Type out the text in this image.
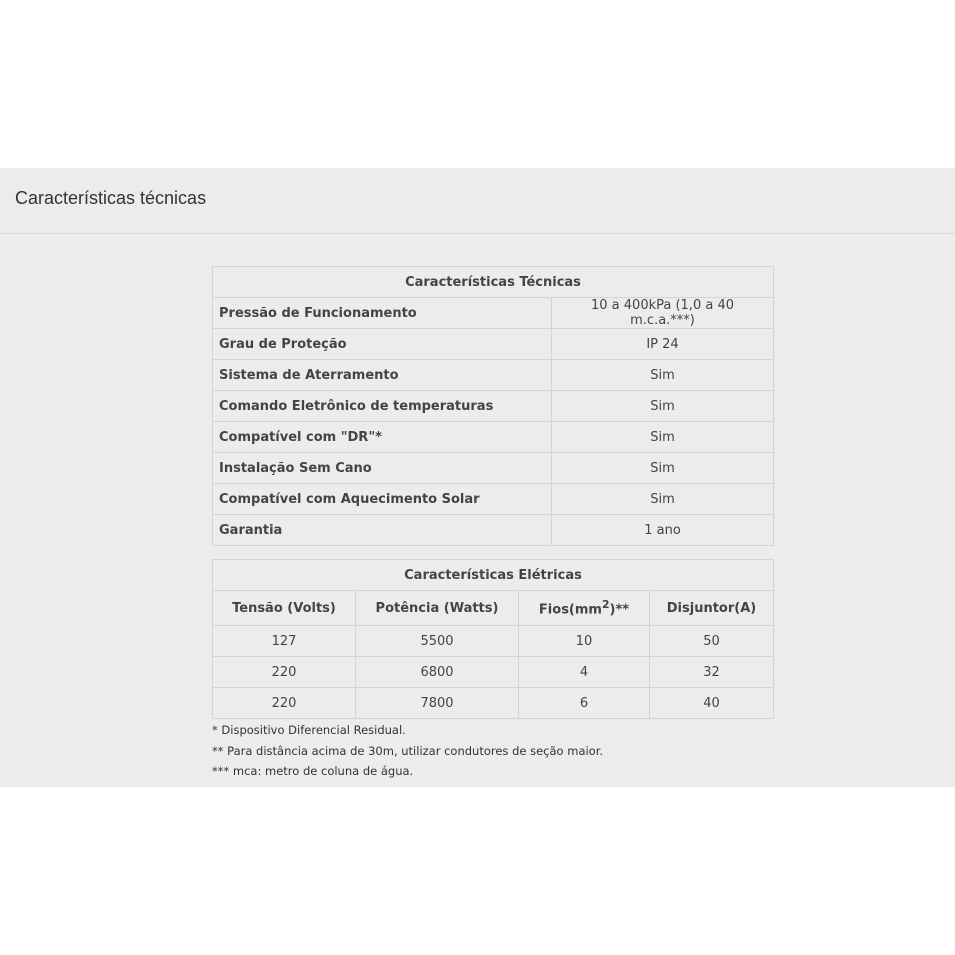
Características técnicas
Características Técnicas	
Pressão de Funcionamento	10 a 400kPa (1,0 a 40 m.c.a.***)
Grau de Proteção	IP 24
Sistema de Aterramento	Sim
Comando Eletrônico de temperaturas	Sim
Compatível com "DR"*	Sim
Instalação Sem Cano	Sim
Compatível com Aquecimento Solar	Sim
Garantia	1 ano
Características Elétricas			
Tensão (Volts)	Potência (Watts)	$Fios(mm^2)**$	Disjuntor(A)
127	5500	10	50
220	6800	4	32
220	7800	6	40
* Dispositivo Diferencial Residual.
** Para distância acima de 30m, utilizar condutores de seção maior.
*** mca: metro de coluna de água.
